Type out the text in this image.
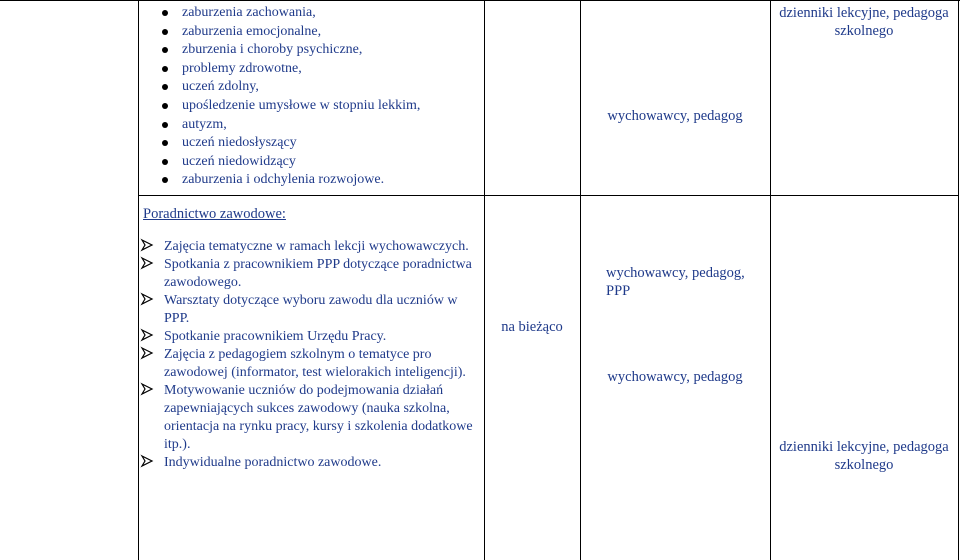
zaburzenia zachowania,
zaburzenia emocjonalne,
zburzenia i choroby psychiczne,
problemy zdrowotne,
uczeń zdolny,
upośledzenie umysłowe w stopniu lekkim,
autyzm,
uczeń niedosłyszący
uczeń niedowidzący
zaburzenia i odchylenia rozwojowe.
wychowawcy, pedagog
dzienniki lekcyjne, pedagoga szkolnego
Poradnictwo zawodowe:
Zajęcia tematyczne w ramach lekcji wychowawczych.
Spotkania z pracownikiem PPP dotyczące poradnictwa zawodowego.
Warsztaty dotyczące wyboru zawodu dla uczniów w PPP.
Spotkanie pracownikiem Urzędu Pracy.
Zajęcia z pedagogiem szkolnym o tematyce pro zawodowej (informator, test wielorakich inteligencji).
Motywowanie uczniów do podejmowania działań zapewniających sukces zawodowy (nauka szkolna, orientacja na rynku pracy, kursy i szkolenia dodatkowe itp.).
Indywidualne poradnictwo zawodowe.
na bieżąco
wychowawcy, pedagog, PPP
wychowawcy, pedagog
dzienniki lekcyjne, pedagoga szkolnego
